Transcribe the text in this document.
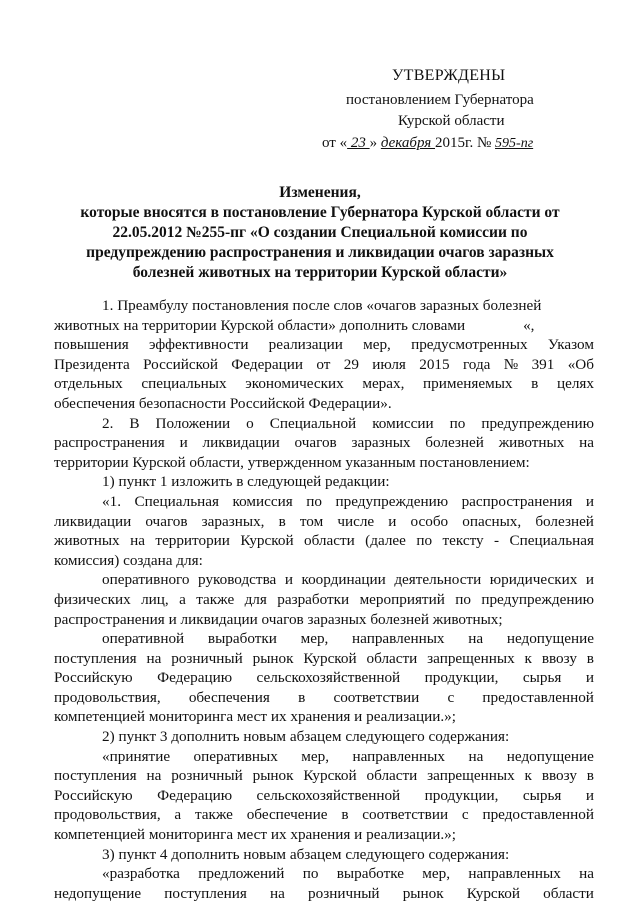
УТВЕРЖДЕНЫ
постановлением Губернатора
Курской области
от « 23 » декабря 2015г. № 595-пг
Изменения,
которые вносятся в постановление Губернатора Курской области от
22.05.2012 №255-пг «О создании Специальной комиссии по
предупреждению распространения и ликвидации очагов заразных
болезней животных на территории Курской области»
1. Преамбулу постановления после слов «очагов заразных болезней
животных на территории Курской области» дополнить словами	«,
повышения эффективности реализации мер, предусмотренных Указом
Президента Российской Федерации от 29 июля 2015 года № 391 «Об
отдельных специальных экономических мерах, применяемых в целях
обеспечения безопасности Российской Федерации».
2. В Положении о Специальной комиссии по предупреждению
распространения и ликвидации очагов заразных болезней животных на
территории Курской области, утвержденном указанным постановлением:
1) пункт 1 изложить в следующей редакции:
«1. Специальная комиссия по предупреждению распространения и
ликвидации очагов заразных, в том числе и особо опасных, болезней
животных на территории Курской области (далее по тексту - Специальная
комиссия) создана для:
оперативного руководства и координации деятельности юридических и
физических лиц, а также для разработки мероприятий по предупреждению
распространения и ликвидации очагов заразных болезней животных;
оперативной выработки мер, направленных на недопущение
поступления на розничный рынок Курской области запрещенных к ввозу в
Российскую Федерацию сельскохозяйственной продукции, сырья и
продовольствия, обеспечения в соответствии с предоставленной
компетенцией мониторинга мест их хранения и реализации.»;
2) пункт 3 дополнить новым абзацем следующего содержания:
«принятие оперативных мер, направленных на недопущение
поступления на розничный рынок Курской области запрещенных к ввозу в
Российскую Федерацию сельскохозяйственной продукции, сырья и
продовольствия, а также обеспечение в соответствии с предоставленной
компетенцией мониторинга мест их хранения и реализации.»;
3) пункт 4 дополнить новым абзацем следующего содержания:
«разработка предложений по выработке мер, направленных на
недопущение поступления на розничный рынок Курской области
